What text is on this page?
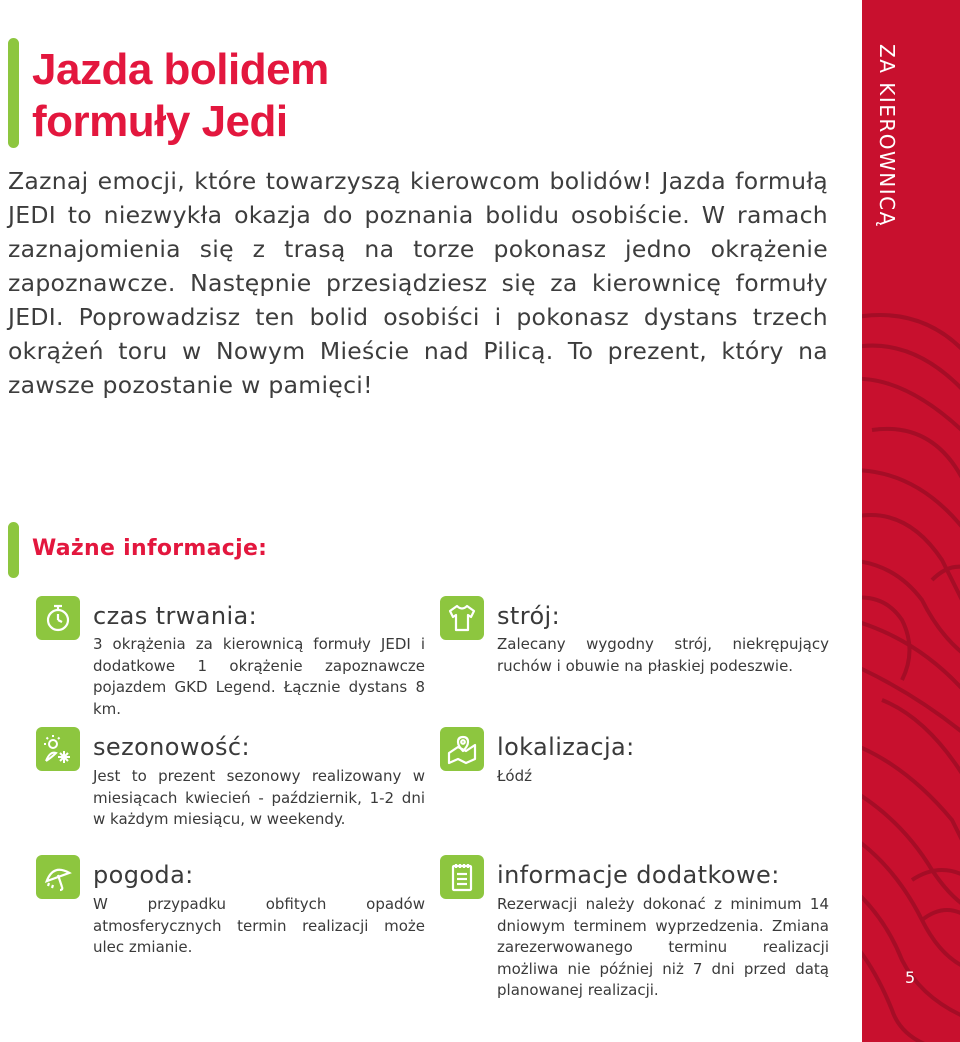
Jazda bolidem
formuły Jedi

Zaznaj emocji, które towarzyszą kierowcom bolidów! Jazda formułą JEDI to niezwykła okazja do poznania bolidu osobiście. W ramach zaznajomienia się z trasą na torze pokonasz jedno okrążenie zapoznawcze. Następnie przesiądziesz się za kierownicę formuły JEDI. Poprowadzisz ten bolid osobiści i pokonasz dystans trzech okrążeń toru w Nowym Mieście nad Pilicą. To prezent, który na zawsze pozostanie w pamięci!

Ważne informacje:
czas trwania:
3 okrążenia za kierownicą formuły JEDI i dodatkowe 1 okrążenie zapoznawcze pojazdem GKD Legend. Łącznie dystans 8 km.
sezonowość:
Jest to prezent sezonowy realizowany w miesiącach kwiecień - październik, 1-2 dni w każdym miesiącu, w weekendy.
pogoda:
W przypadku obfitych opadów atmosferycznych termin realizacji może ulec zmianie.
strój:
Zalecany wygodny strój, niekrępujący ruchów i obuwie na płaskiej podeszwie.
lokalizacja:
Łódź
informacje dodatkowe:
Rezerwacji należy dokonać z minimum 14 dniowym terminem wyprzedzenia. Zmiana zarezerwowanego terminu realizacji możliwa nie później niż 7 dni przed datą planowanej realizacji.
ZA KIEROWNICĄ
5
